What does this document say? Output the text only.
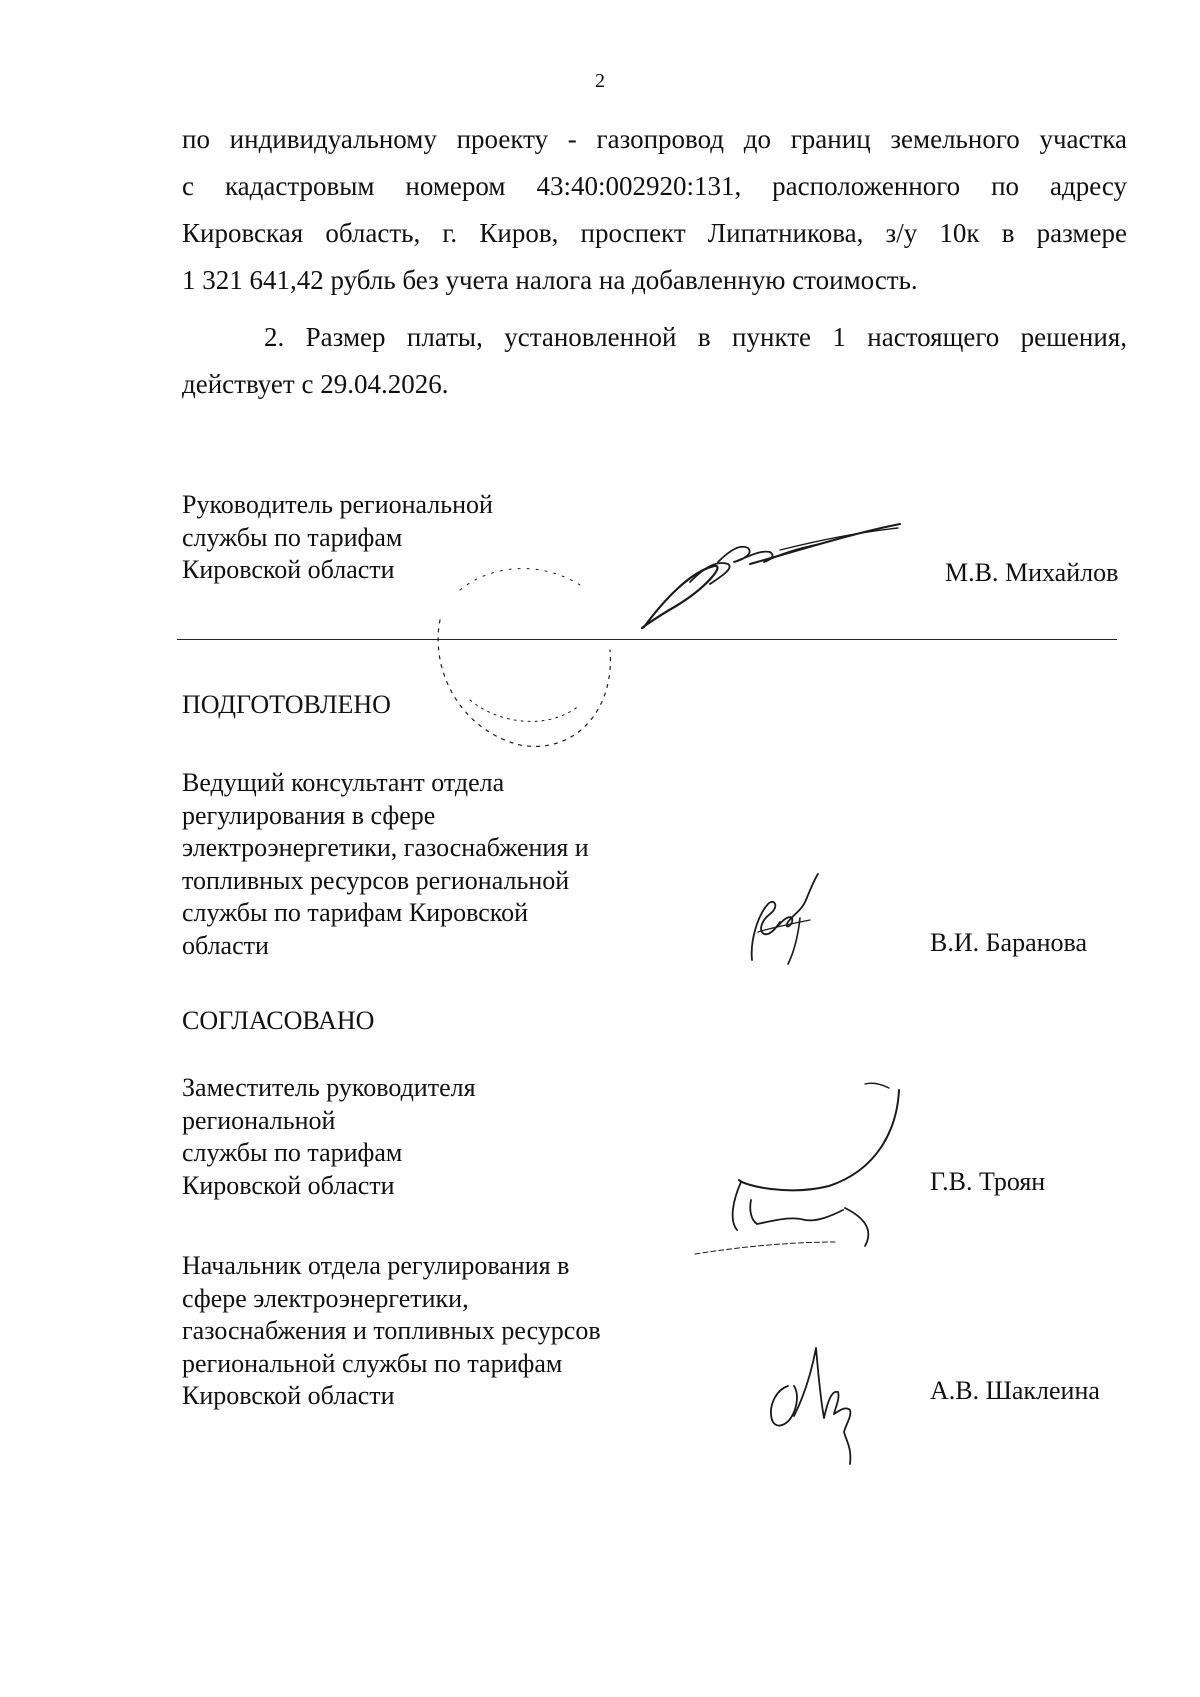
2

по индивидуальному проекту - газопровод до границ земельного участка

с кадастровым номером 43:40:002920:131, расположенного по адресу

Кировская область, г. Киров, проспект Липатникова, з/у 10к в размере

1 321 641,42 рубль без учета налога на добавленную стоимость.

2. Размер платы, установленной в пункте 1 настоящего решения,

действует с 29.04.2026.

Руководитель региональной
службы по тарифам
Кировской области	М.В. Михайлов
ПОДГОТОВЛЕНО
Ведущий консультант отдела
регулирования в сфере
электроэнергетики, газоснабжения и
топливных ресурсов региональной
службы по тарифам Кировской
области	В.И. Баранова
СОГЛАСОВАНО
Заместитель руководителя
региональной
службы по тарифам
Кировской области	Г.В. Троян
Начальник отдела регулирования в
сфере электроэнергетики,
газоснабжения и топливных ресурсов
региональной службы по тарифам
Кировской области	А.В. Шаклеина
